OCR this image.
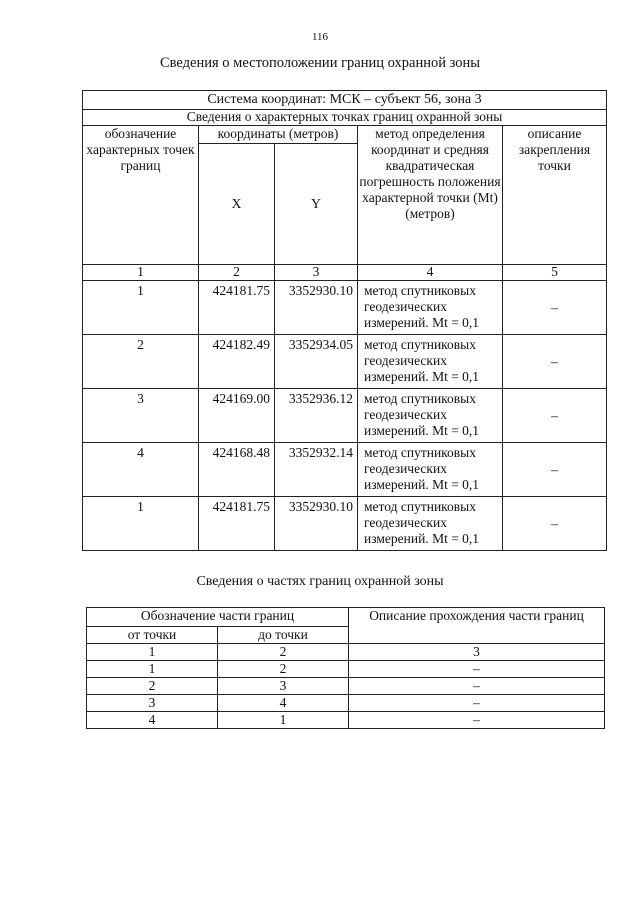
116
Сведения о местоположении границ охранной зоны
Система координат: МСК – субъект 56, зона 3				
Сведения о характерных точках границ охранной зоны				
обозначение характерных точек границ	координаты (метров)		метод определения координат и средняя квадратическая погрешность положения характерной точки (Mt) (метров)	описание закрепления точки
	X	Y		
1	2	3	4	5
1	424181.75	3352930.10	метод спутниковых геодезических измерений. Mt = 0,1	–
2	424182.49	3352934.05	метод спутниковых геодезических измерений. Mt = 0,1	–
3	424169.00	3352936.12	метод спутниковых геодезических измерений. Mt = 0,1	–
4	424168.48	3352932.14	метод спутниковых геодезических измерений. Mt = 0,1	–
1	424181.75	3352930.10	метод спутниковых геодезических измерений. Mt = 0,1	–
Сведения о частях границ охранной зоны
Обозначение части границ		Описание прохождения части границ
от точки	до точки	
1	2	3
1	2	–
2	3	–
3	4	–
4	1	–
